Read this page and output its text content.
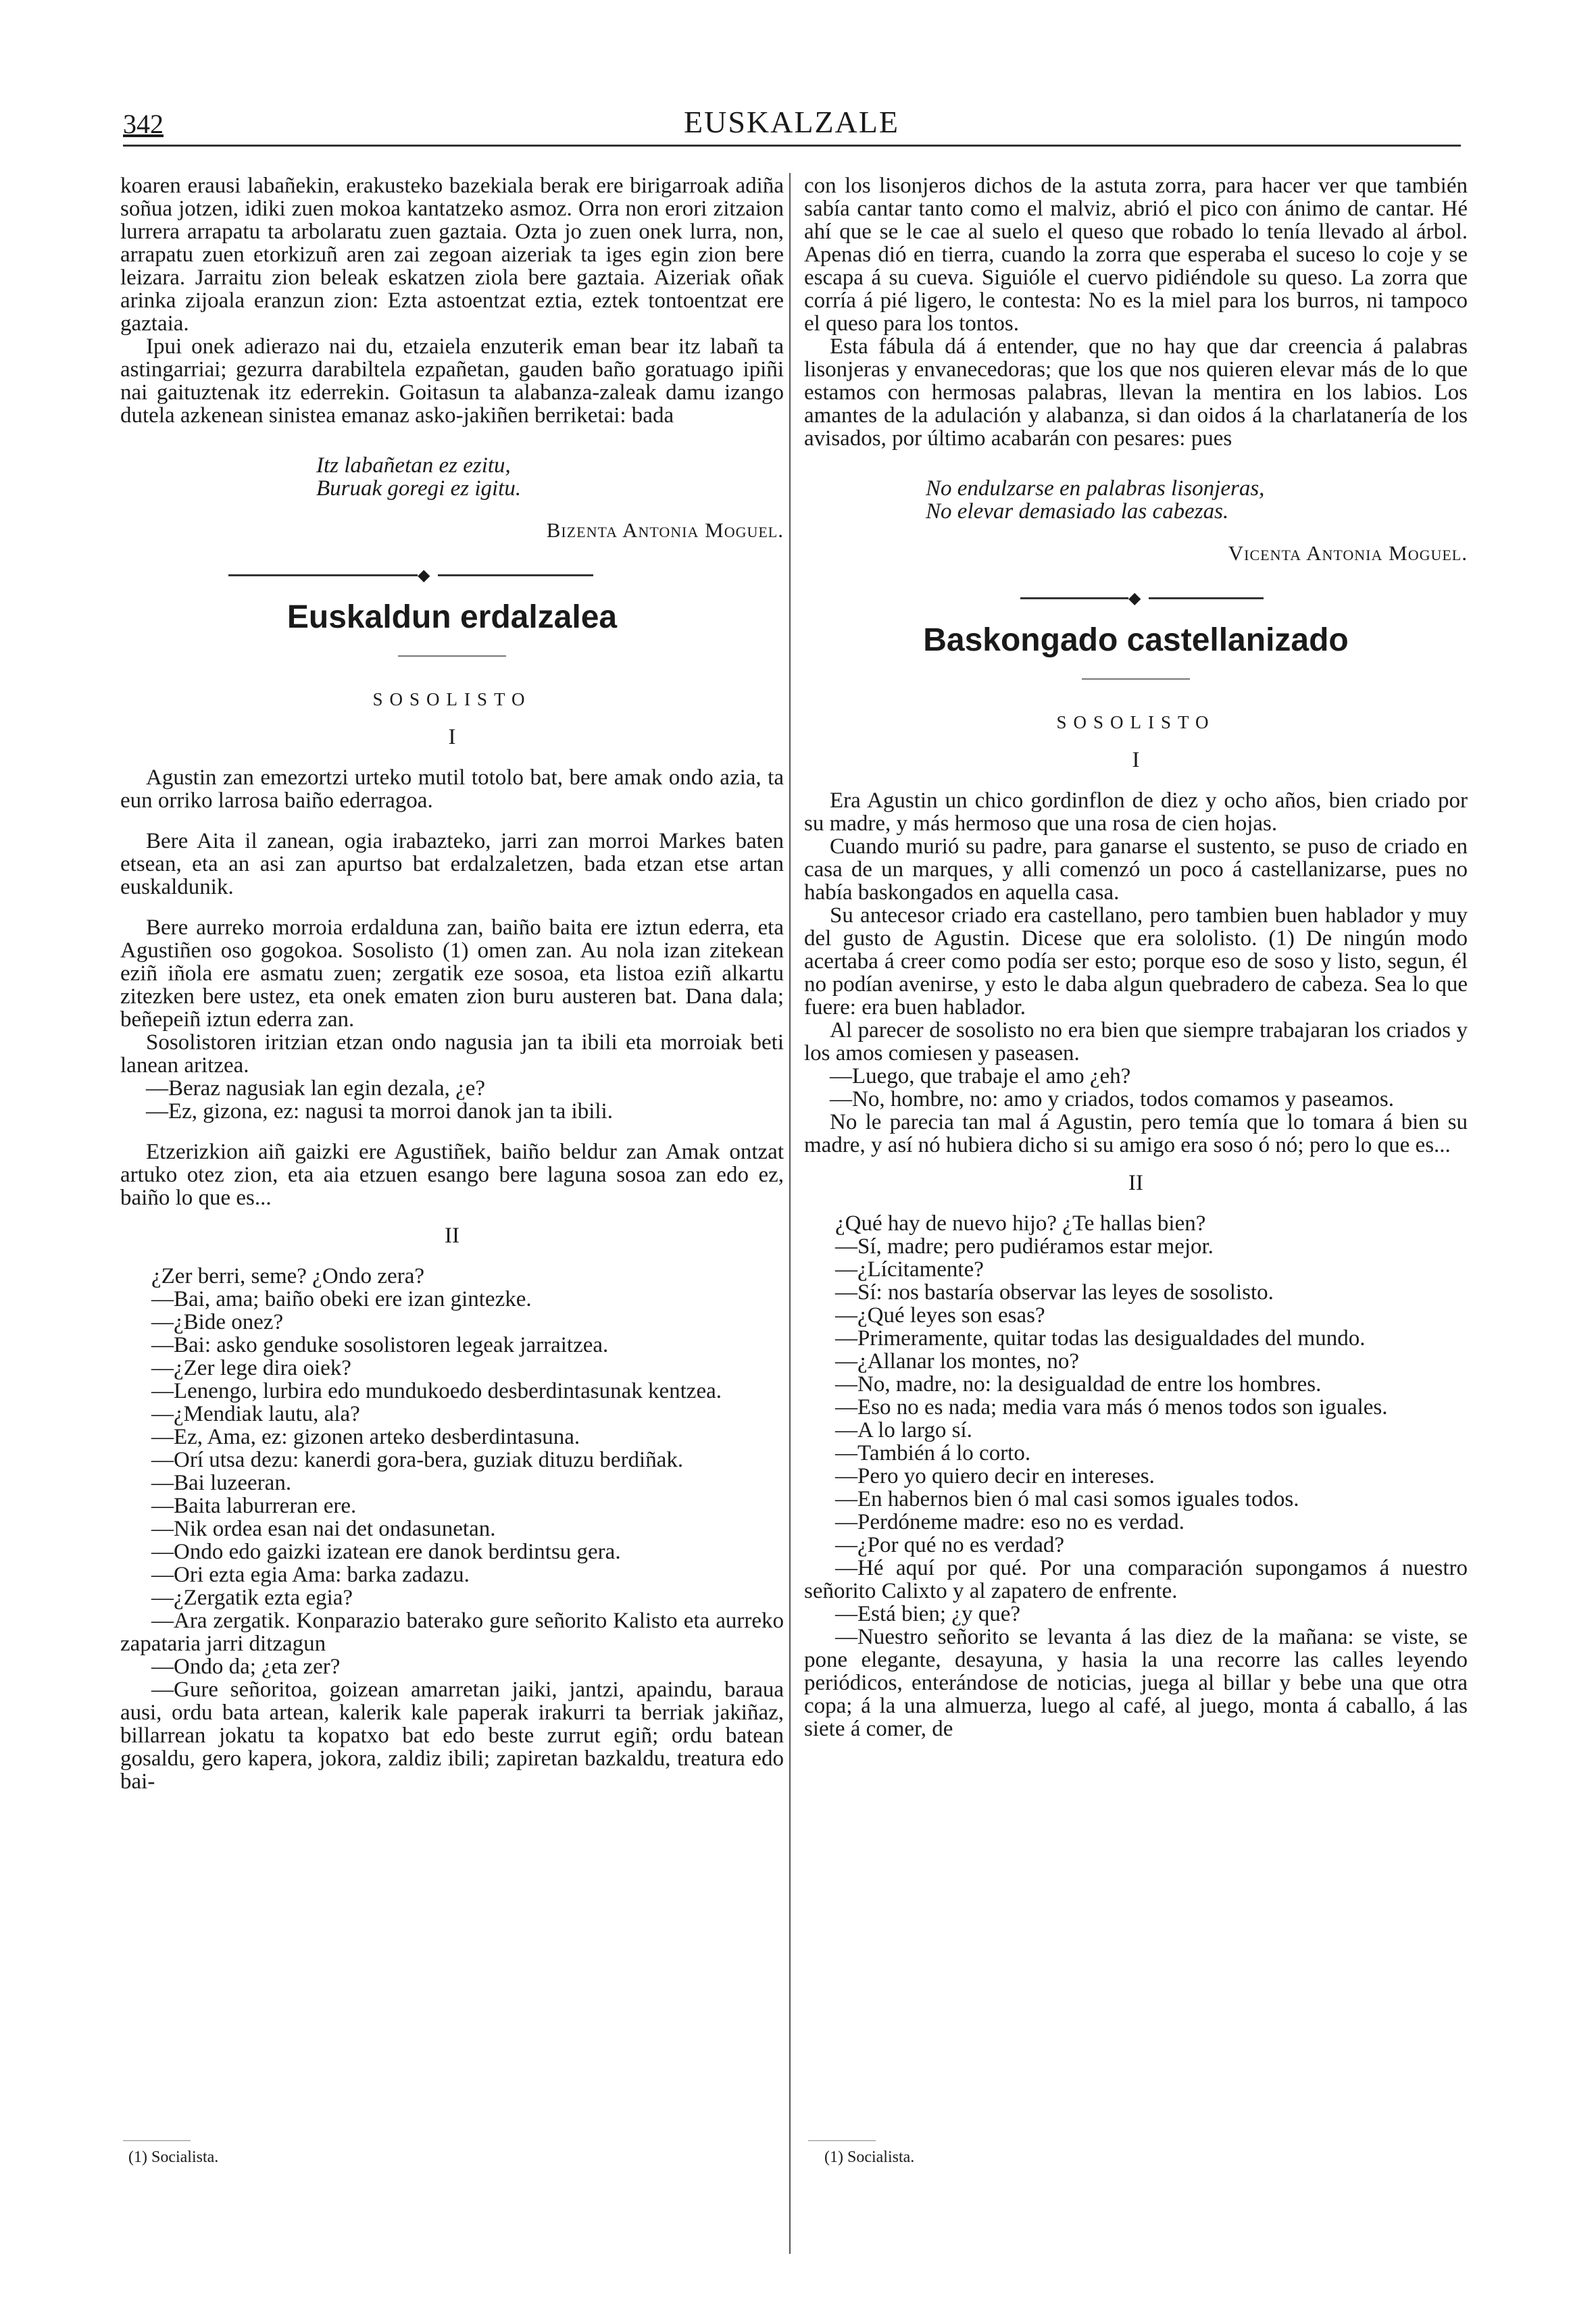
342	EUSKALZALE

koaren erausi labañekin, erakusteko bazekiala berak ere birigarroak adiña soñua jotzen, idiki zuen mokoa kantatzeko asmoz. Orra non erori zitzaion lurrera arrapatu ta arbolaratu zuen gaztaia. Ozta jo zuen onek lurra, non, arrapatu zuen etorkizuñ aren zai zegoan aizeriak ta iges egin zion bere leizara. Jarraitu zion beleak eskatzen ziola bere gaztaia. Aizeriak oñak arinka zijoala eranzun zion: Ezta astoentzat eztia, eztek tontoentzat ere gaztaia.

Ipui onek adierazo nai du, etzaiela enzuterik eman bear itz labañ ta astingarriai; gezurra darabiltela ezpañetan, gauden baño goratuago ipiñi nai gaituztenak itz ederrekin. Goitasun ta alabanza-zaleak damu izango dutela azkenean sinistea emanaz asko-jakiñen berriketai: bada

Itz labañetan ez ezitu,
Buruak goregi ez igitu.
Bizenta Antonia Moguel.
◆
Euskaldun erdalzalea
SOSOLISTO
I

Agustin zan emezortzi urteko mutil totolo bat, bere amak ondo azia, ta eun orriko larrosa baiño ederragoa.

Bere Aita il zanean, ogia irabazteko, jarri zan morroi Markes baten etsean, eta an asi zan apurtso bat erdalzaletzen, bada etzan etse artan euskaldunik.

Bere aurreko morroia erdalduna zan, baiño baita ere iztun ederra, eta Agustiñen oso gogokoa. Sosolisto (1) omen zan. Au nola izan zitekean eziñ iñola ere asmatu zuen; zergatik eze sosoa, eta listoa eziñ alkartu zitezken bere ustez, eta onek ematen zion buru austeren bat. Dana dala; beñepeiñ iztun ederra zan.

Sosolistoren iritzian etzan ondo nagusia jan ta ibili eta morroiak beti lanean aritzea.

—Beraz nagusiak lan egin dezala, ¿e?

—Ez, gizona, ez: nagusi ta morroi danok jan ta ibili.

Etzerizkion aiñ gaizki ere Agustiñek, baiño beldur zan Amak ontzat artuko otez zion, eta aia etzuen esango bere laguna sosoa zan edo ez, baiño lo que es...

II

¿Zer berri, seme? ¿Ondo zera?

—Bai, ama; baiño obeki ere izan gintezke.

—¿Bide onez?

—Bai: asko genduke sosolistoren legeak jarraitzea.

—¿Zer lege dira oiek?

—Lenengo, lurbira edo mundukoedo desberdintasunak kentzea.

—¿Mendiak lautu, ala?

—Ez, Ama, ez: gizonen arteko desberdintasuna.

—Orí utsa dezu: kanerdi gora-bera, guziak dituzu berdiñak.

—Bai luzeeran.

—Baita laburreran ere.

—Nik ordea esan nai det ondasunetan.

—Ondo edo gaizki izatean ere danok berdintsu gera.

—Ori ezta egia Ama: barka zadazu.

—¿Zergatik ezta egia?

—Ara zergatik. Konparazio baterako gure señorito Kalisto eta aurreko zapataria jarri ditzagun

—Ondo da; ¿eta zer?

—Gure señoritoa, goizean amarretan jaiki, jantzi, apaindu, baraua ausi, ordu bata artean, kalerik kale paperak irakurri ta berriak jakiñaz, billarrean jokatu ta kopatxo bat edo beste zurrut egiñ; ordu batean gosaldu, gero kapera, jokora, zaldiz ibili; zapiretan bazkaldu, treatura edo bai-

con los lisonjeros dichos de la astuta zorra, para hacer ver que también sabía cantar tanto como el malviz, abrió el pico con ánimo de cantar. Hé ahí que se le cae al suelo el queso que robado lo tenía llevado al árbol. Apenas dió en tierra, cuando la zorra que esperaba el suceso lo coje y se escapa á su cueva. Siguióle el cuervo pidiéndole su queso. La zorra que corría á pié ligero, le contesta: No es la miel para los burros, ni tampoco el queso para los tontos.

Esta fábula dá á entender, que no hay que dar creencia á palabras lisonjeras y envanecedoras; que los que nos quieren elevar más de lo que estamos con hermosas palabras, llevan la mentira en los labios. Los amantes de la adulación y alabanza, si dan oidos á la charlatanería de los avisados, por último acabarán con pesares: pues

No endulzarse en palabras lisonjeras,
No elevar demasiado las cabezas.
Vicenta Antonia Moguel.
◆
Baskongado castellanizado
SOSOLISTO
I

Era Agustin un chico gordinflon de diez y ocho años, bien criado por su madre, y más hermoso que una rosa de cien hojas.

Cuando murió su padre, para ganarse el sustento, se puso de criado en casa de un marques, y alli comenzó un poco á castellanizarse, pues no había baskongados en aquella casa.

Su antecesor criado era castellano, pero tambien buen hablador y muy del gusto de Agustin. Dicese que era sololisto. (1) De ningún modo acertaba á creer como podía ser esto; porque eso de soso y listo, segun, él no podían avenirse, y esto le daba algun quebradero de cabeza. Sea lo que fuere: era buen hablador.

Al parecer de sosolisto no era bien que siempre trabajaran los criados y los amos comiesen y paseasen.

—Luego, que trabaje el amo ¿eh?

—No, hombre, no: amo y criados, todos comamos y paseamos.

No le parecia tan mal á Agustin, pero temía que lo tomara á bien su madre, y así nó hubiera dicho si su amigo era soso ó nó; pero lo que es...

II

¿Qué hay de nuevo hijo? ¿Te hallas bien?

—Sí, madre; pero pudiéramos estar mejor.

—¿Lícitamente?

—Sí: nos bastaría observar las leyes de sosolisto.

—¿Qué leyes son esas?

—Primeramente, quitar todas las desigualdades del mundo.

—¿Allanar los montes, no?

—No, madre, no: la desigualdad de entre los hombres.

—Eso no es nada; media vara más ó menos todos son iguales.

—A lo largo sí.

—También á lo corto.

—Pero yo quiero decir en intereses.

—En habernos bien ó mal casi somos iguales todos.

—Perdóneme madre: eso no es verdad.

—¿Por qué no es verdad?

—Hé aquí por qué. Por una comparación supongamos á nuestro señorito Calixto y al zapatero de enfrente.

—Está bien; ¿y que?

—Nuestro señorito se levanta á las diez de la mañana: se viste, se pone elegante, desayuna, y hasia la una recorre las calles leyendo periódicos, enterándose de noticias, juega al billar y bebe una que otra copa; á la una almuerza, luego al café, al juego, monta á caballo, á las siete á comer, de

(1) Socialista.	(1) Socialista.
